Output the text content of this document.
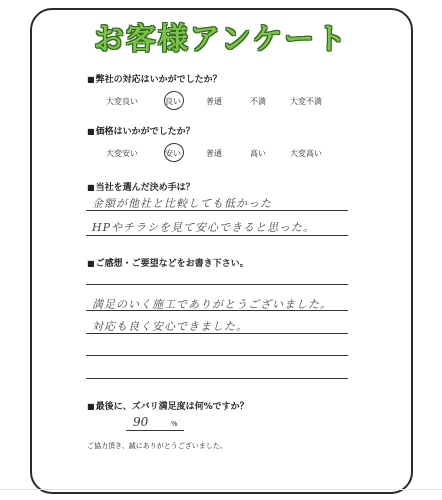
お客様アンケート
■ 弊社の対応はいかがでしたか？
大変良い	良い	普通	不満	大変不満
■ 価格はいかがでしたか？
大変安い	安い	普通	高い	大変高い
■ 当社を選んだ決め手は？
金額が他社と比較しても低かった
HPやチラシを見て安心できると思った。
■ ご感想・ご要望などをお書き下さい。
満足のいく施工でありがとうございました。
対応も良く安心できました。
■ 最後に、ズバリ満足度は何%ですか？
90	%
ご協力頂き、誠にありがとうございました。
